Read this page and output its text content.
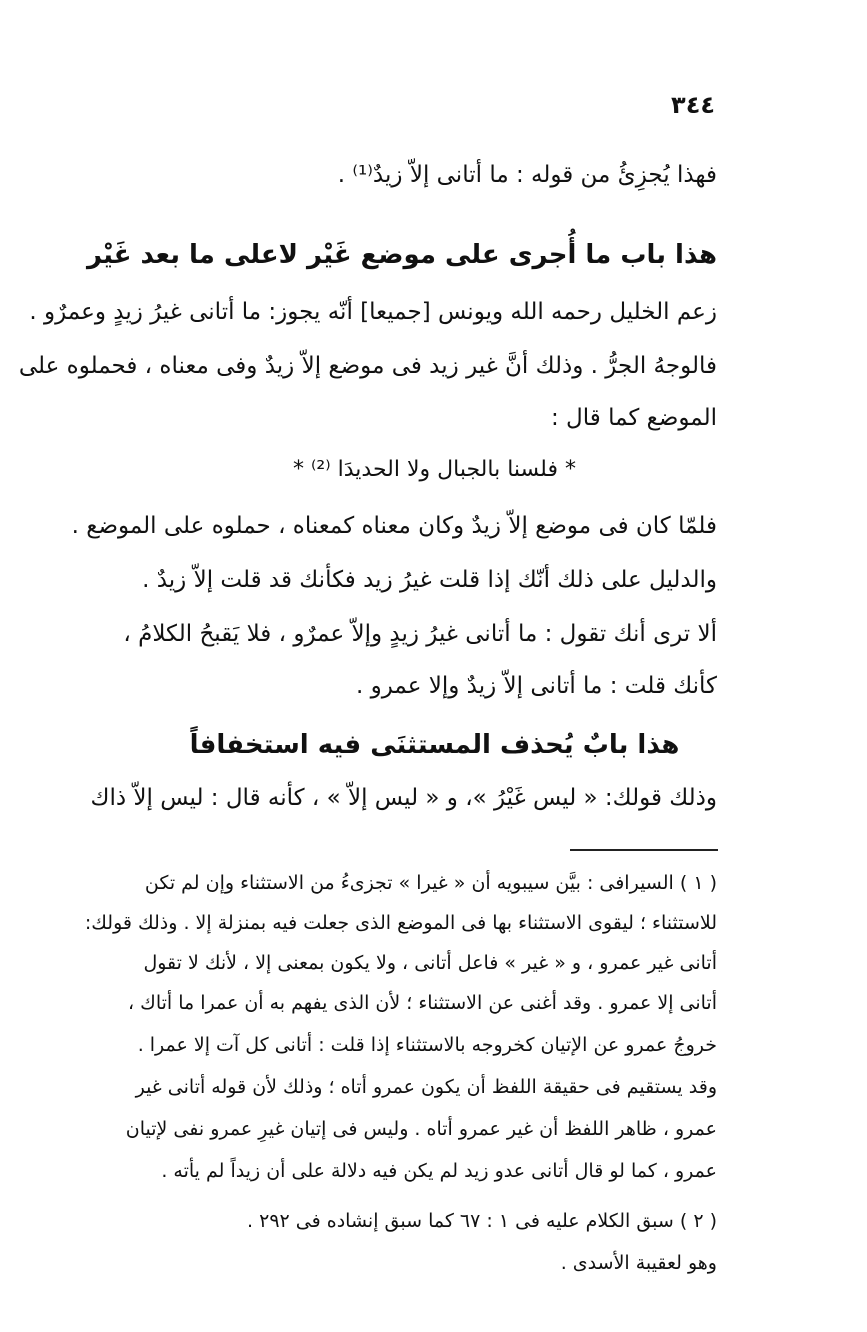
٣٤٤
فهذا يُجزِئُ من قوله : ما أتانى إلاّ زيدٌ⁽¹⁾ .
هذا باب ما أُجرى على موضع غَيْر لاعلى ما بعد غَيْر
زعم الخليل رحمه الله ويونس [جميعا] أنّه يجوز: ما أتانى غيرُ زيدٍ وعمرٌو .
فالوجهُ الجرُّ . وذلك أنَّ غير زيد فى موضع إلاّ زيدٌ وفى معناه ، فحملوه على
الموضع كما قال :
* فلسنا بالجبال ولا الحديدَا ⁽²⁾ *
فلمّا كان فى موضع إلاّ زيدٌ وكان معناه كمعناه ، حملوه على الموضع .
والدليل على ذلك أنّك إذا قلت غيرُ زيد فكأنك قد قلت إلاّ زيدٌ .
ألا ترى أنك تقول : ما أتانى غيرُ زيدٍ وإلاّ عمرٌو ، فلا يَقبحُ الكلامُ ،
كأنك قلت : ما أتانى إلاّ زيدٌ وإلا عمرو .
هذا بابٌ يُحذف المستثنَى فيه استخفافاً
وذلك قولك: « ليس غَيْرُ »، و « ليس إلاّ » ، كأنه قال : ليس إلاّ ذاك
( ١ ) السيرافى : بيَّن سيبويه أن « غيرا » تجزىءُ من الاستثناء وإن لم تكن
للاستثناء ؛ ليقوى الاستثناء بها فى الموضع الذى جعلت فيه بمنزلة إلا . وذلك قولك:
أتانى غير عمرو ، و « غير » فاعل أتانى ، ولا يكون بمعنى إلا ، لأنك لا تقول
أتانى إلا عمرو . وقد أغنى عن الاستثناء ؛ لأن الذى يفهم به أن عمرا ما أتاك ،
خروجُ عمرو عن الإتيان كخروجه بالاستثناء إذا قلت : أتانى كل آت إلا عمرا .
وقد يستقيم فى حقيقة اللفظ أن يكون عمرو أتاه ؛ وذلك لأن قوله أتانى غير
عمرو ، ظاهر اللفظ أن غير عمرو أتاه . وليس فى إتيان غيرِ عمرو نفى لإتيان
عمرو ، كما لو قال أتانى عدو زيد لم يكن فيه دلالة على أن زيداً لم يأته .
( ٢ ) سبق الكلام عليه فى ١ : ٦٧ كما سبق إنشاده فى ٢٩٢ .
وهو لعقيبة الأسدى .
